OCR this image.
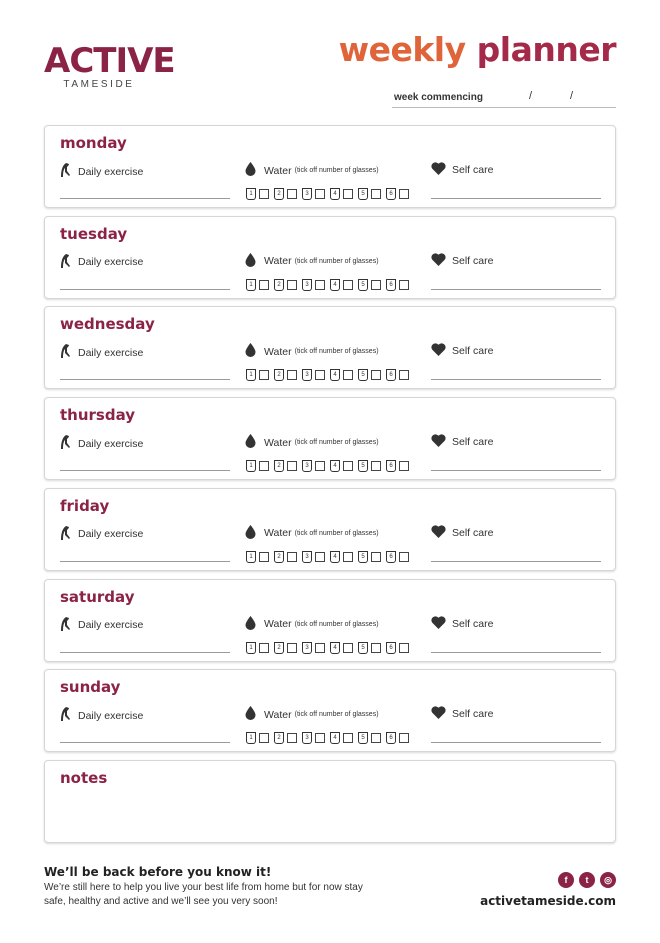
ACTIVE
TAMESIDE
weekly planner
week commencing	/	/
monday
Daily exercise	Water (tick off number of glasses)
1	2	3	4	5	6
Self care
tuesday
Daily exercise	Water (tick off number of glasses)
1	2	3	4	5	6
Self care
wednesday
Daily exercise	Water (tick off number of glasses)
1	2	3	4	5	6
Self care
thursday
Daily exercise	Water (tick off number of glasses)
1	2	3	4	5	6
Self care
friday
Daily exercise	Water (tick off number of glasses)
1	2	3	4	5	6
Self care
saturday
Daily exercise	Water (tick off number of glasses)
1	2	3	4	5	6
Self care
sunday
Daily exercise	Water (tick off number of glasses)
1	2	3	4	5	6
Self care
notes
We’ll be back before you know it!
We’re still here to help you live your best life from home but for now stay safe, healthy and active and we’ll see you very soon!
f	t	◎
activetameside.com
